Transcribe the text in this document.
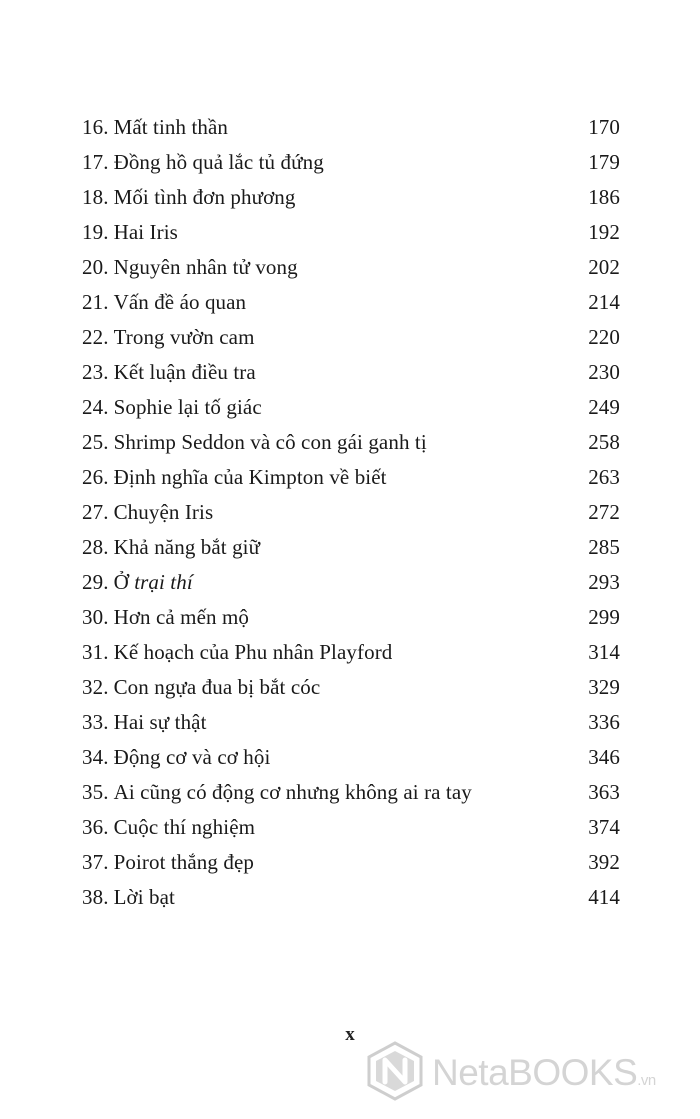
16. Mất tinh thần	170
17. Đồng hồ quả lắc tủ đứng	179
18. Mối tình đơn phương	186
19. Hai Iris	192
20. Nguyên nhân tử vong	202
21. Vấn đề áo quan	214
22. Trong vườn cam	220
23. Kết luận điều tra	230
24. Sophie lại tố giác	249
25. Shrimp Seddon và cô con gái ganh tị	258
26. Định nghĩa của Kimpton về biết	263
27. Chuyện Iris	272
28. Khả năng bắt giữ	285
29. Ở trại thí	293
30. Hơn cả mến mộ	299
31. Kế hoạch của Phu nhân Playford	314
32. Con ngựa đua bị bắt cóc	329
33. Hai sự thật	336
34. Động cơ và cơ hội	346
35. Ai cũng có động cơ nhưng không ai ra tay	363
36. Cuộc thí nghiệm	374
37. Poirot thắng đẹp	392
38. Lời bạt	414
x
NetaBOOKS.vn
